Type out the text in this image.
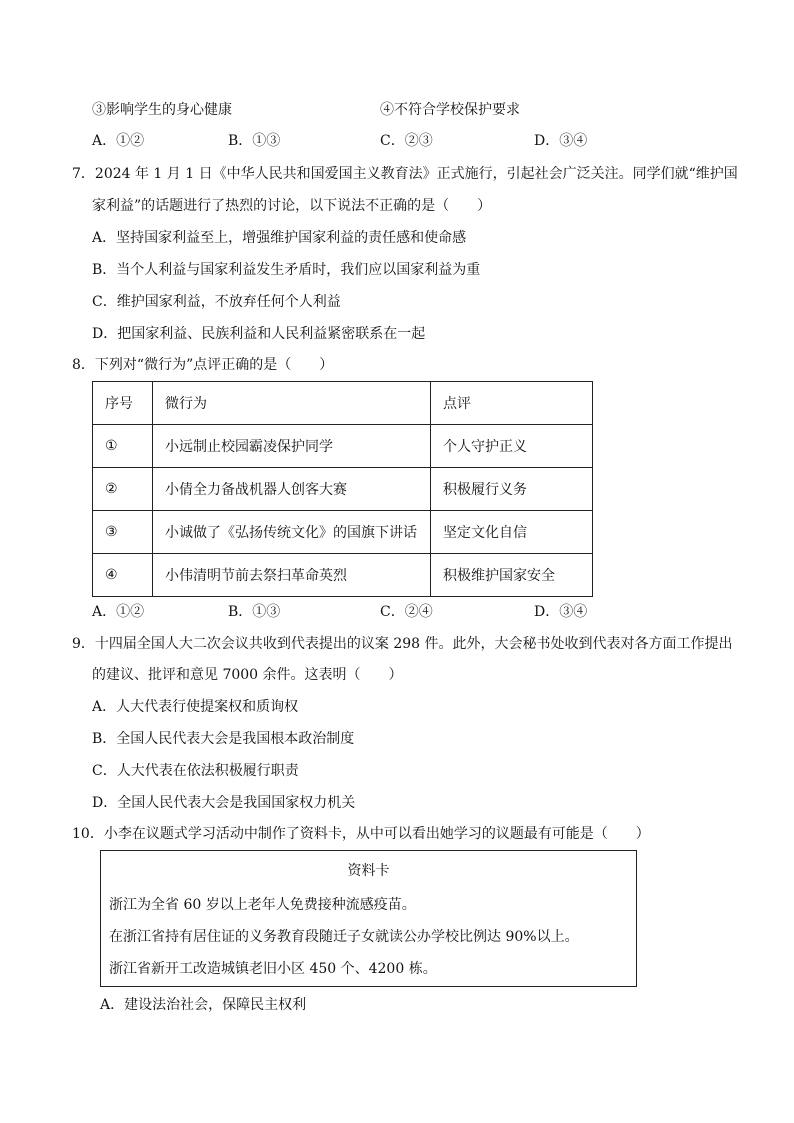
③影响学生的身心健康	④不符合学校保护要求
A．①②	B．①③	C．②③	D．③④
7．2024 年 1 月 1 日《中华人民共和国爱国主义教育法》正式施行，引起社会广泛关注。同学们就“维护国
家利益”的话题进行了热烈的讨论，以下说法不正确的是（　　）
A．坚持国家利益至上，增强维护国家利益的责任感和使命感
B．当个人利益与国家利益发生矛盾时，我们应以国家利益为重
C．维护国家利益，不放弃任何个人利益
D．把国家利益、民族利益和人民利益紧密联系在一起
8．下列对“微行为”点评正确的是（　　）
序号	微行为	点评
①	小远制止校园霸凌保护同学	个人守护正义
②	小倩全力备战机器人创客大赛	积极履行义务
③	小诚做了《弘扬传统文化》的国旗下讲话	坚定文化自信
④	小伟清明节前去祭扫革命英烈	积极维护国家安全
A．①②	B．①③	C．②④	D．③④
9．十四届全国人大二次会议共收到代表提出的议案 298 件。此外，大会秘书处收到代表对各方面工作提出
的建议、批评和意见 7000 余件。这表明（　　）
A．人大代表行使提案权和质询权
B．全国人民代表大会是我国根本政治制度
C．人大代表在依法积极履行职责
D．全国人民代表大会是我国国家权力机关
10．小李在议题式学习活动中制作了资料卡，从中可以看出她学习的议题最有可能是（　　）
资料卡
浙江为全省 60 岁以上老年人免费接种流感疫苗。
在浙江省持有居住证的义务教育段随迁子女就读公办学校比例达 90%以上。
浙江省新开工改造城镇老旧小区 450 个、4200 栋。
A．建设法治社会，保障民主权利
